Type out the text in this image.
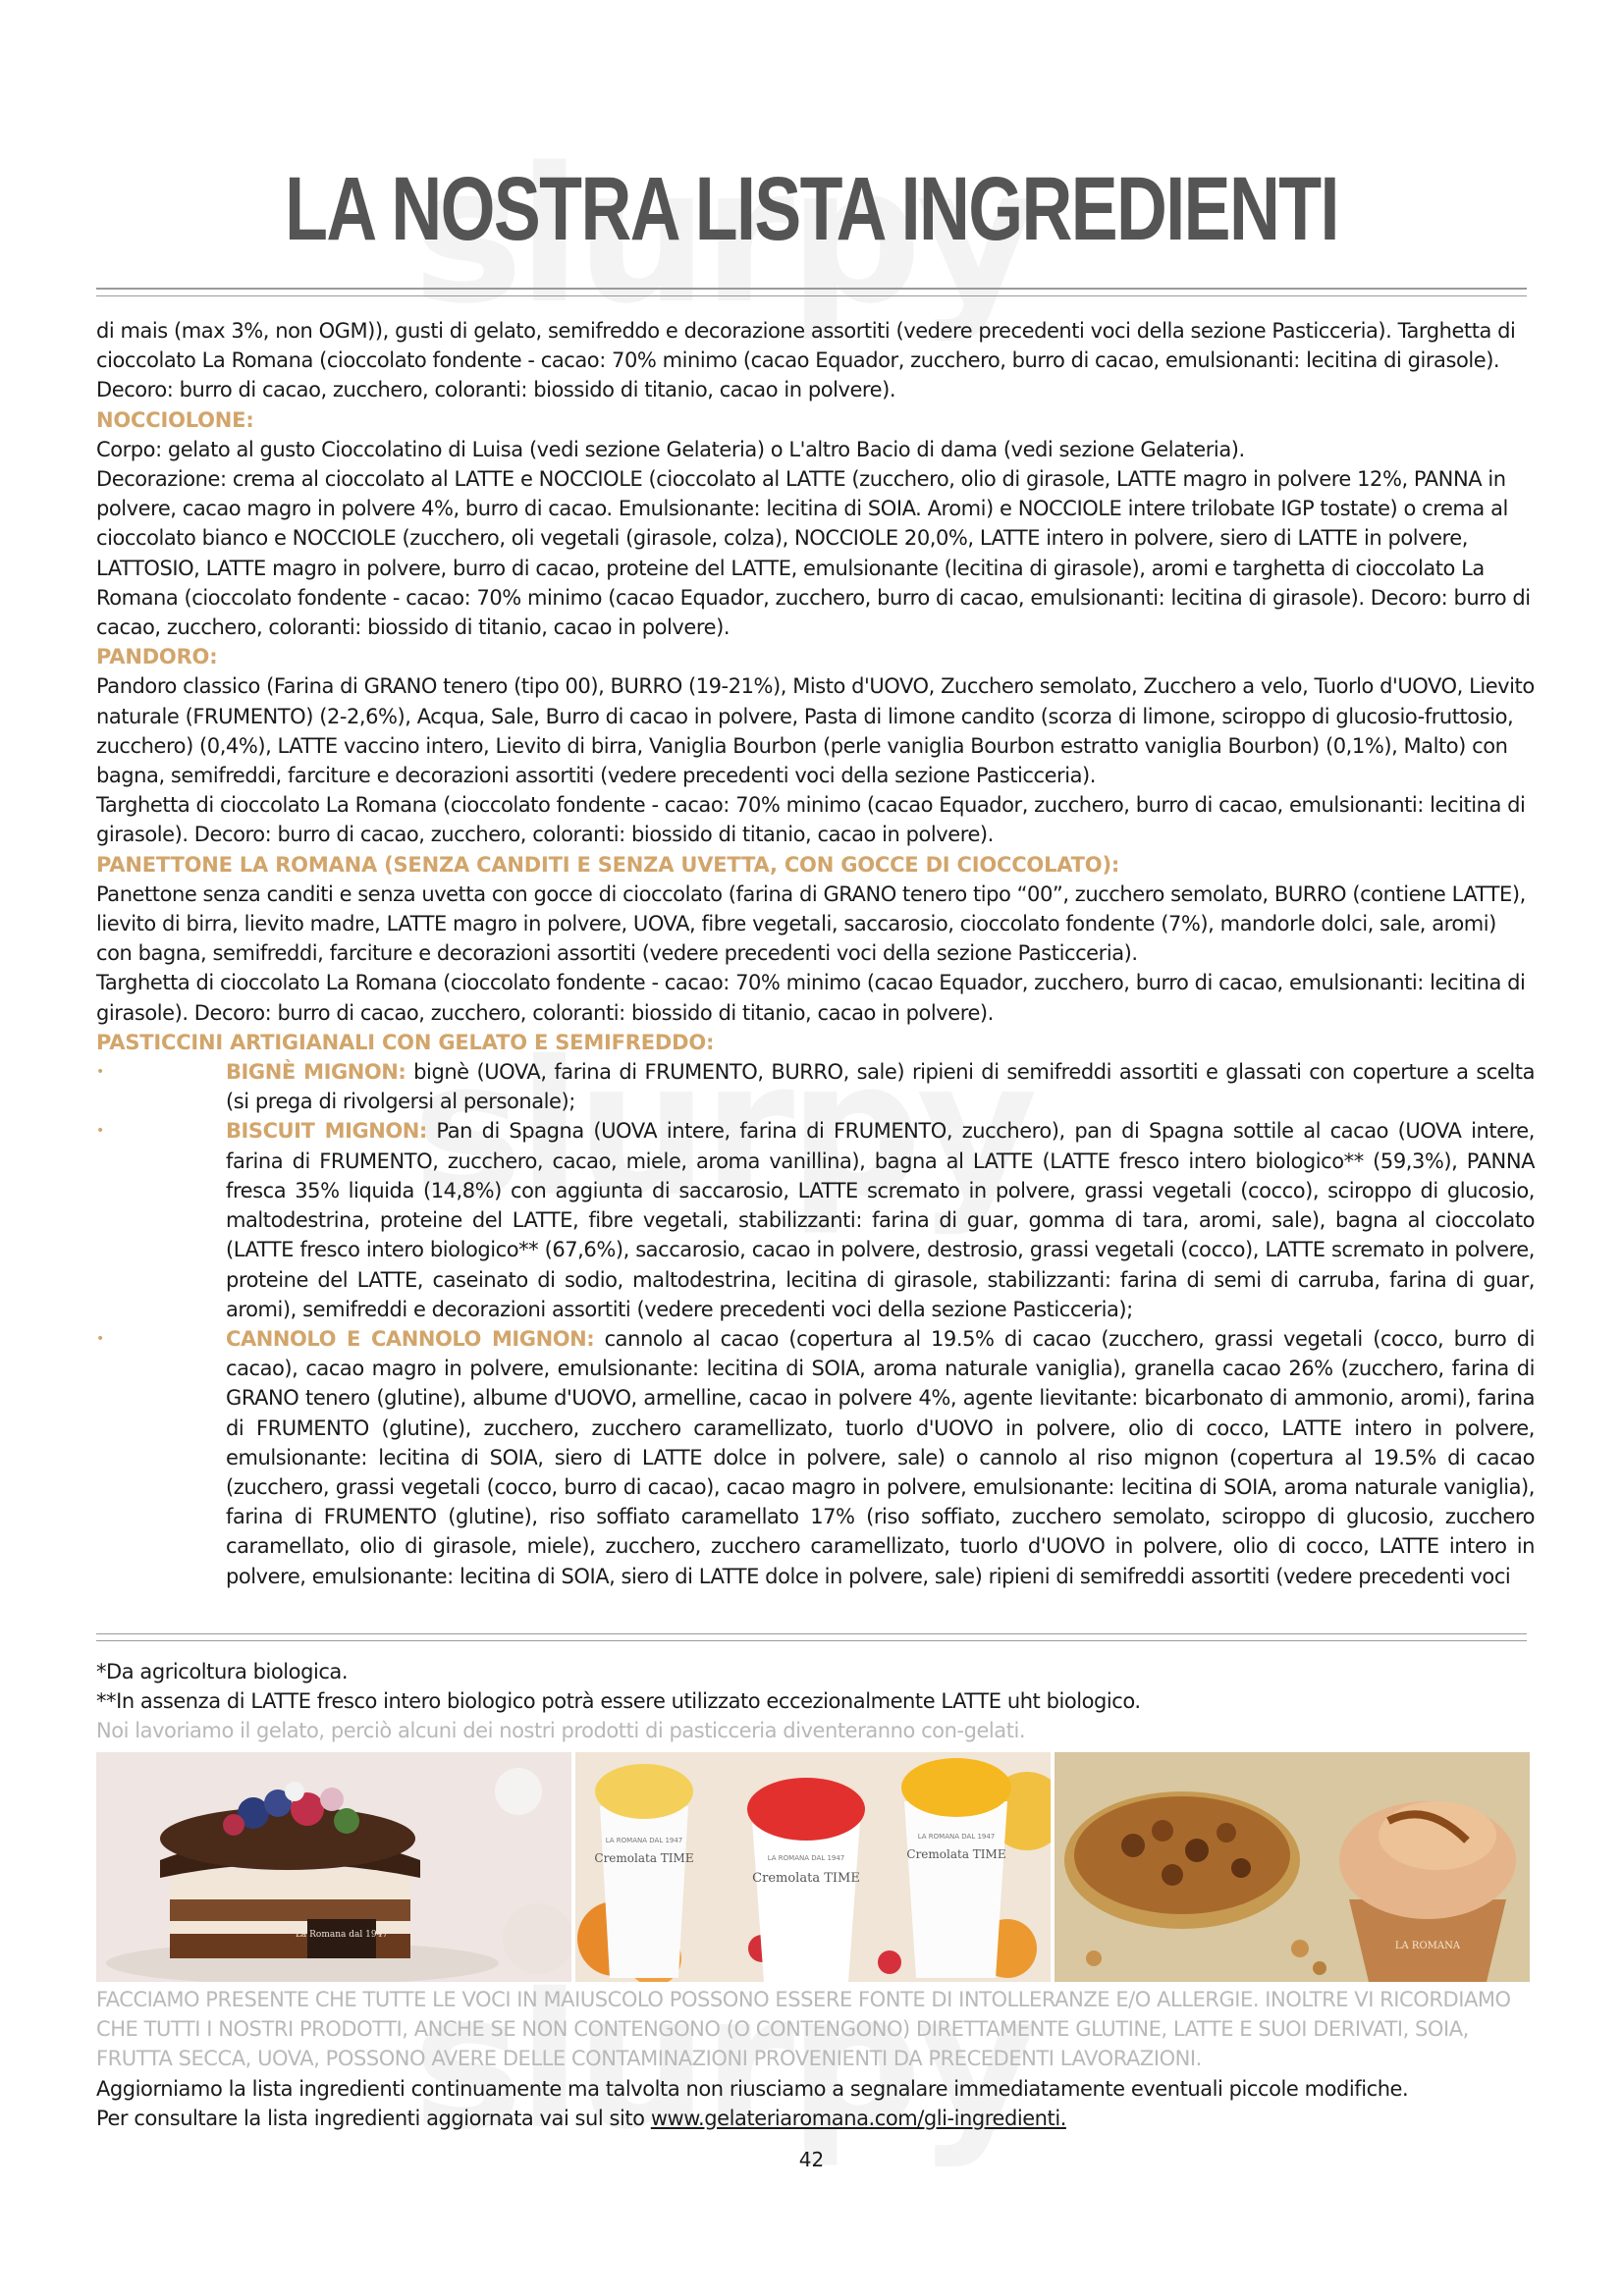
LA NOSTRA LISTA INGREDIENTI

di mais (max 3%, non OGM)), gusti di gelato, semifreddo e decorazione assortiti (vedere precedenti voci della sezione Pasticceria). Targhetta di cioccolato La Romana (cioccolato fondente - cacao: 70% minimo (cacao Equador, zucchero, burro di cacao, emulsionanti: lecitina di girasole). Decoro: burro di cacao, zucchero, coloranti: biossido di titanio, cacao in polvere).

NOCCIOLONE:

Corpo: gelato al gusto Cioccolatino di Luisa (vedi sezione Gelateria) o L'altro Bacio di dama (vedi sezione Gelateria).

Decorazione: crema al cioccolato al LATTE e NOCCIOLE (cioccolato al LATTE (zucchero, olio di girasole, LATTE magro in polvere 12%, PANNA in polvere, cacao magro in polvere 4%, burro di cacao. Emulsionante: lecitina di SOIA. Aromi) e NOCCIOLE intere trilobate IGP tostate) o crema al cioccolato bianco e NOCCIOLE (zucchero, oli vegetali (girasole, colza), NOCCIOLE 20,0%, LATTE intero in polvere, siero di LATTE in polvere, LATTOSIO, LATTE magro in polvere, burro di cacao, proteine del LATTE, emulsionante (lecitina di girasole), aromi e targhetta di cioccolato La Romana (cioccolato fondente - cacao: 70% minimo (cacao Equador, zucchero, burro di cacao, emulsionanti: lecitina di girasole). Decoro: burro di cacao, zucchero, coloranti: biossido di titanio, cacao in polvere).

PANDORO:

Pandoro classico (Farina di GRANO tenero (tipo 00), BURRO (19-21%), Misto d'UOVO, Zucchero semolato, Zucchero a velo, Tuorlo d'UOVO, Lievito naturale (FRUMENTO) (2-2,6%), Acqua, Sale, Burro di cacao in polvere, Pasta di limone candito (scorza di limone, sciroppo di glucosio-fruttosio, zucchero) (0,4%), LATTE vaccino intero, Lievito di birra, Vaniglia Bourbon (perle vaniglia Bourbon estratto vaniglia Bourbon) (0,1%), Malto) con bagna, semifreddi, farciture e decorazioni assortiti (vedere precedenti voci della sezione Pasticceria).

Targhetta di cioccolato La Romana (cioccolato fondente - cacao: 70% minimo (cacao Equador, zucchero, burro di cacao, emulsionanti: lecitina di girasole). Decoro: burro di cacao, zucchero, coloranti: biossido di titanio, cacao in polvere).

PANETTONE LA ROMANA (SENZA CANDITI E SENZA UVETTA, CON GOCCE DI CIOCCOLATO):

Panettone senza canditi e senza uvetta con gocce di cioccolato (farina di GRANO tenero tipo “00”, zucchero semolato, BURRO (contiene LATTE), lievito di birra, lievito madre, LATTE magro in polvere, UOVA, fibre vegetali, saccarosio, cioccolato fondente (7%), mandorle dolci, sale, aromi) con bagna, semifreddi, farciture e decorazioni assortiti (vedere precedenti voci della sezione Pasticceria).

Targhetta di cioccolato La Romana (cioccolato fondente - cacao: 70% minimo (cacao Equador, zucchero, burro di cacao, emulsionanti: lecitina di girasole). Decoro: burro di cacao, zucchero, coloranti: biossido di titanio, cacao in polvere).

PASTICCINI ARTIGIANALI CON GELATO E SEMIFREDDO:
•	BIGNÈ MIGNON: bignè (UOVA, farina di FRUMENTO, BURRO, sale) ripieni di semifreddi assortiti e glassati con coperture a scelta (si prega di rivolgersi al personale);
•	BISCUIT MIGNON: Pan di Spagna (UOVA intere, farina di FRUMENTO, zucchero), pan di Spagna sottile al cacao (UOVA intere, farina di FRUMENTO, zucchero, cacao, miele, aroma vanillina), bagna al LATTE (LATTE fresco intero biologico** (59,3%), PANNA fresca 35% liquida (14,8%) con aggiunta di saccarosio, LATTE scremato in polvere, grassi vegetali (cocco), sciroppo di glucosio, maltodestrina, proteine del LATTE, fibre vegetali, stabilizzanti: farina di guar, gomma di tara, aromi, sale), bagna al cioccolato (LATTE fresco intero biologico** (67,6%), saccarosio, cacao in polvere, destrosio, grassi vegetali (cocco), LATTE scremato in polvere, proteine del LATTE, caseinato di sodio, maltodestrina, lecitina di girasole, stabilizzanti: farina di semi di carruba, farina di guar, aromi), semifreddi e decorazioni assortiti (vedere precedenti voci della sezione Pasticceria);
•	CANNOLO E CANNOLO MIGNON: cannolo al cacao (copertura al 19.5% di cacao (zucchero, grassi vegetali (cocco, burro di cacao), cacao magro in polvere, emulsionante: lecitina di SOIA, aroma naturale vaniglia), granella cacao 26% (zucchero, farina di GRANO tenero (glutine), albume d'UOVO, armelline, cacao in polvere 4%, agente lievitante: bicarbonato di ammonio, aromi), farina di FRUMENTO (glutine), zucchero, zucchero caramellizato, tuorlo d'UOVO in polvere, olio di cocco, LATTE intero in polvere, emulsionante: lecitina di SOIA, siero di LATTE dolce in polvere, sale) o cannolo al riso mignon (copertura al 19.5% di cacao (zucchero, grassi vegetali (cocco, burro di cacao), cacao magro in polvere, emulsionante: lecitina di SOIA, aroma naturale vaniglia), farina di FRUMENTO (glutine), riso soffiato caramellato 17% (riso soffiato, zucchero semolato, sciroppo di glucosio, zucchero caramellato, olio di girasole, miele), zucchero, zucchero caramellizato, tuorlo d'UOVO in polvere, olio di cocco, LATTE intero in polvere, emulsionante: lecitina di SOIA, siero di LATTE dolce in polvere, sale) ripieni di semifreddi assortiti (vedere precedenti voci

*Da agricoltura biologica.

**In assenza di LATTE fresco intero biologico potrà essere utilizzato eccezionalmente LATTE uht biologico.

Noi lavoriamo il gelato, perciò alcuni dei nostri prodotti di pasticceria diventeranno con-gelati.

La Romana dal 1947
LA ROMANA DAL 1947
Cremolata TIME	LA ROMANA DAL 1947
Cremolata TIME
LA ROMANA DAL 1947
Cremolata TIME
LA ROMANA

FACCIAMO PRESENTE CHE TUTTE LE VOCI IN MAIUSCOLO POSSONO ESSERE FONTE DI INTOLLERANZE E/O ALLERGIE. INOLTRE VI RICORDIAMO CHE TUTTI I NOSTRI PRODOTTI, ANCHE SE NON CONTENGONO (O CONTENGONO) DIRETTAMENTE GLUTINE, LATTE E SUOI DERIVATI, SOIA, FRUTTA SECCA, UOVA, POSSONO AVERE DELLE CONTAMINAZIONI PROVENIENTI DA PRECEDENTI LAVORAZIONI.

Aggiorniamo la lista ingredienti continuamente ma talvolta non riusciamo a segnalare immediatamente eventuali piccole modifiche.

Per consultare la lista ingredienti aggiornata vai sul sito www.gelateriaromana.com/gli-ingredienti.

42
